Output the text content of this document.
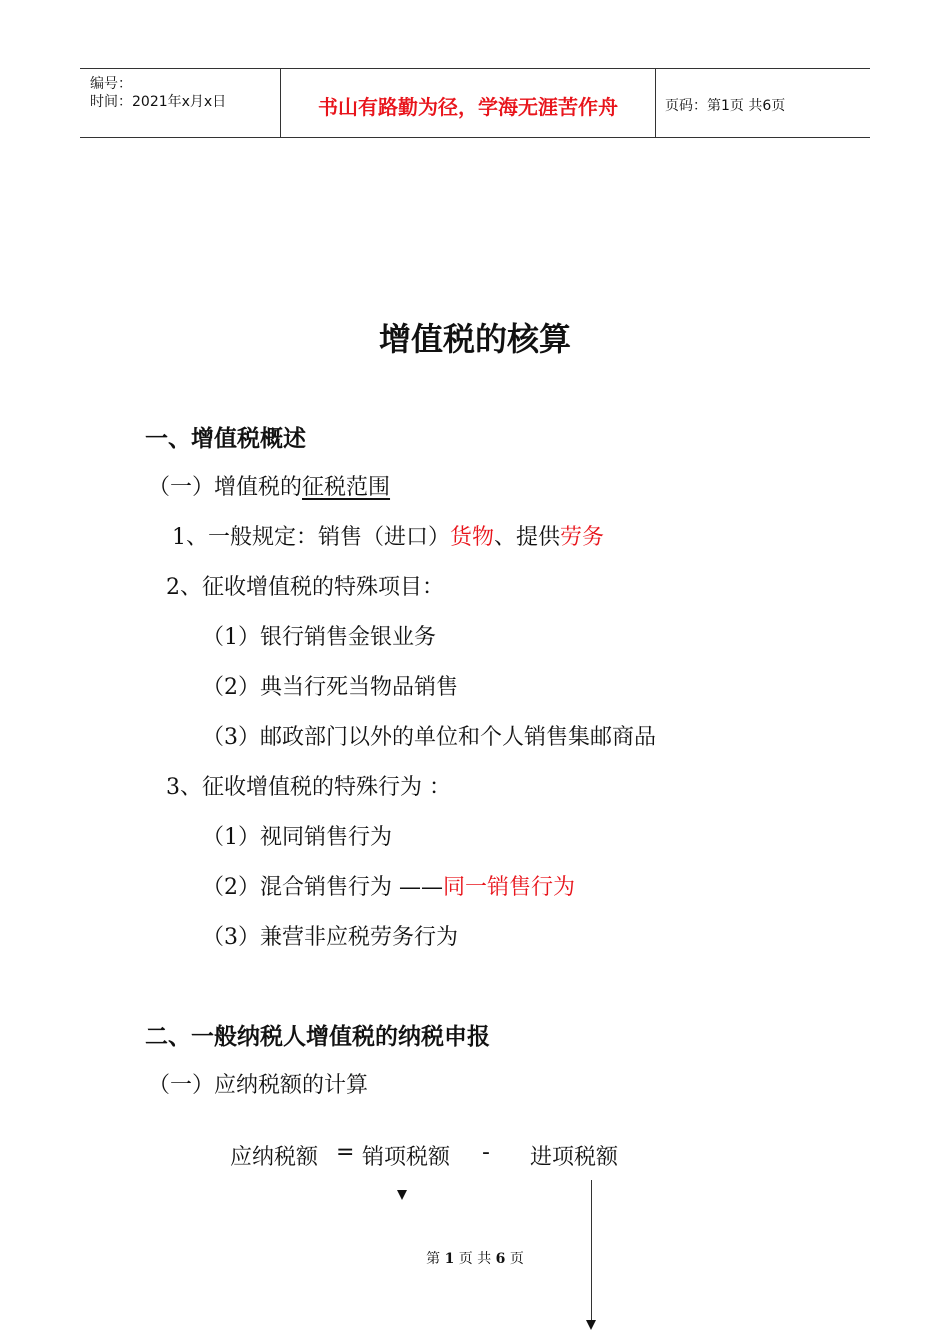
编号：
时间：2021年x月x日	书山有路勤为径，学海无涯苦作舟	页码：第1页 共6页
增值税的核算
一、增值税概述
（一）增值税的征税范围
1、一般规定：销售（进口）货物、提供劳务
2、征收增值税的特殊项目：
（1）银行销售金银业务
（2）典当行死当物品销售
（3）邮政部门以外的单位和个人销售集邮商品
3、征收增值税的特殊行为 ：
（1）视同销售行为
（2）混合销售行为 ——同一销售行为
（3）兼营非应税劳务行为
二、一般纳税人增值税的纳税申报
（一）应纳税额的计算
应纳税额 = 销项税额 - 进项税额
第 1 页 共 6 页
